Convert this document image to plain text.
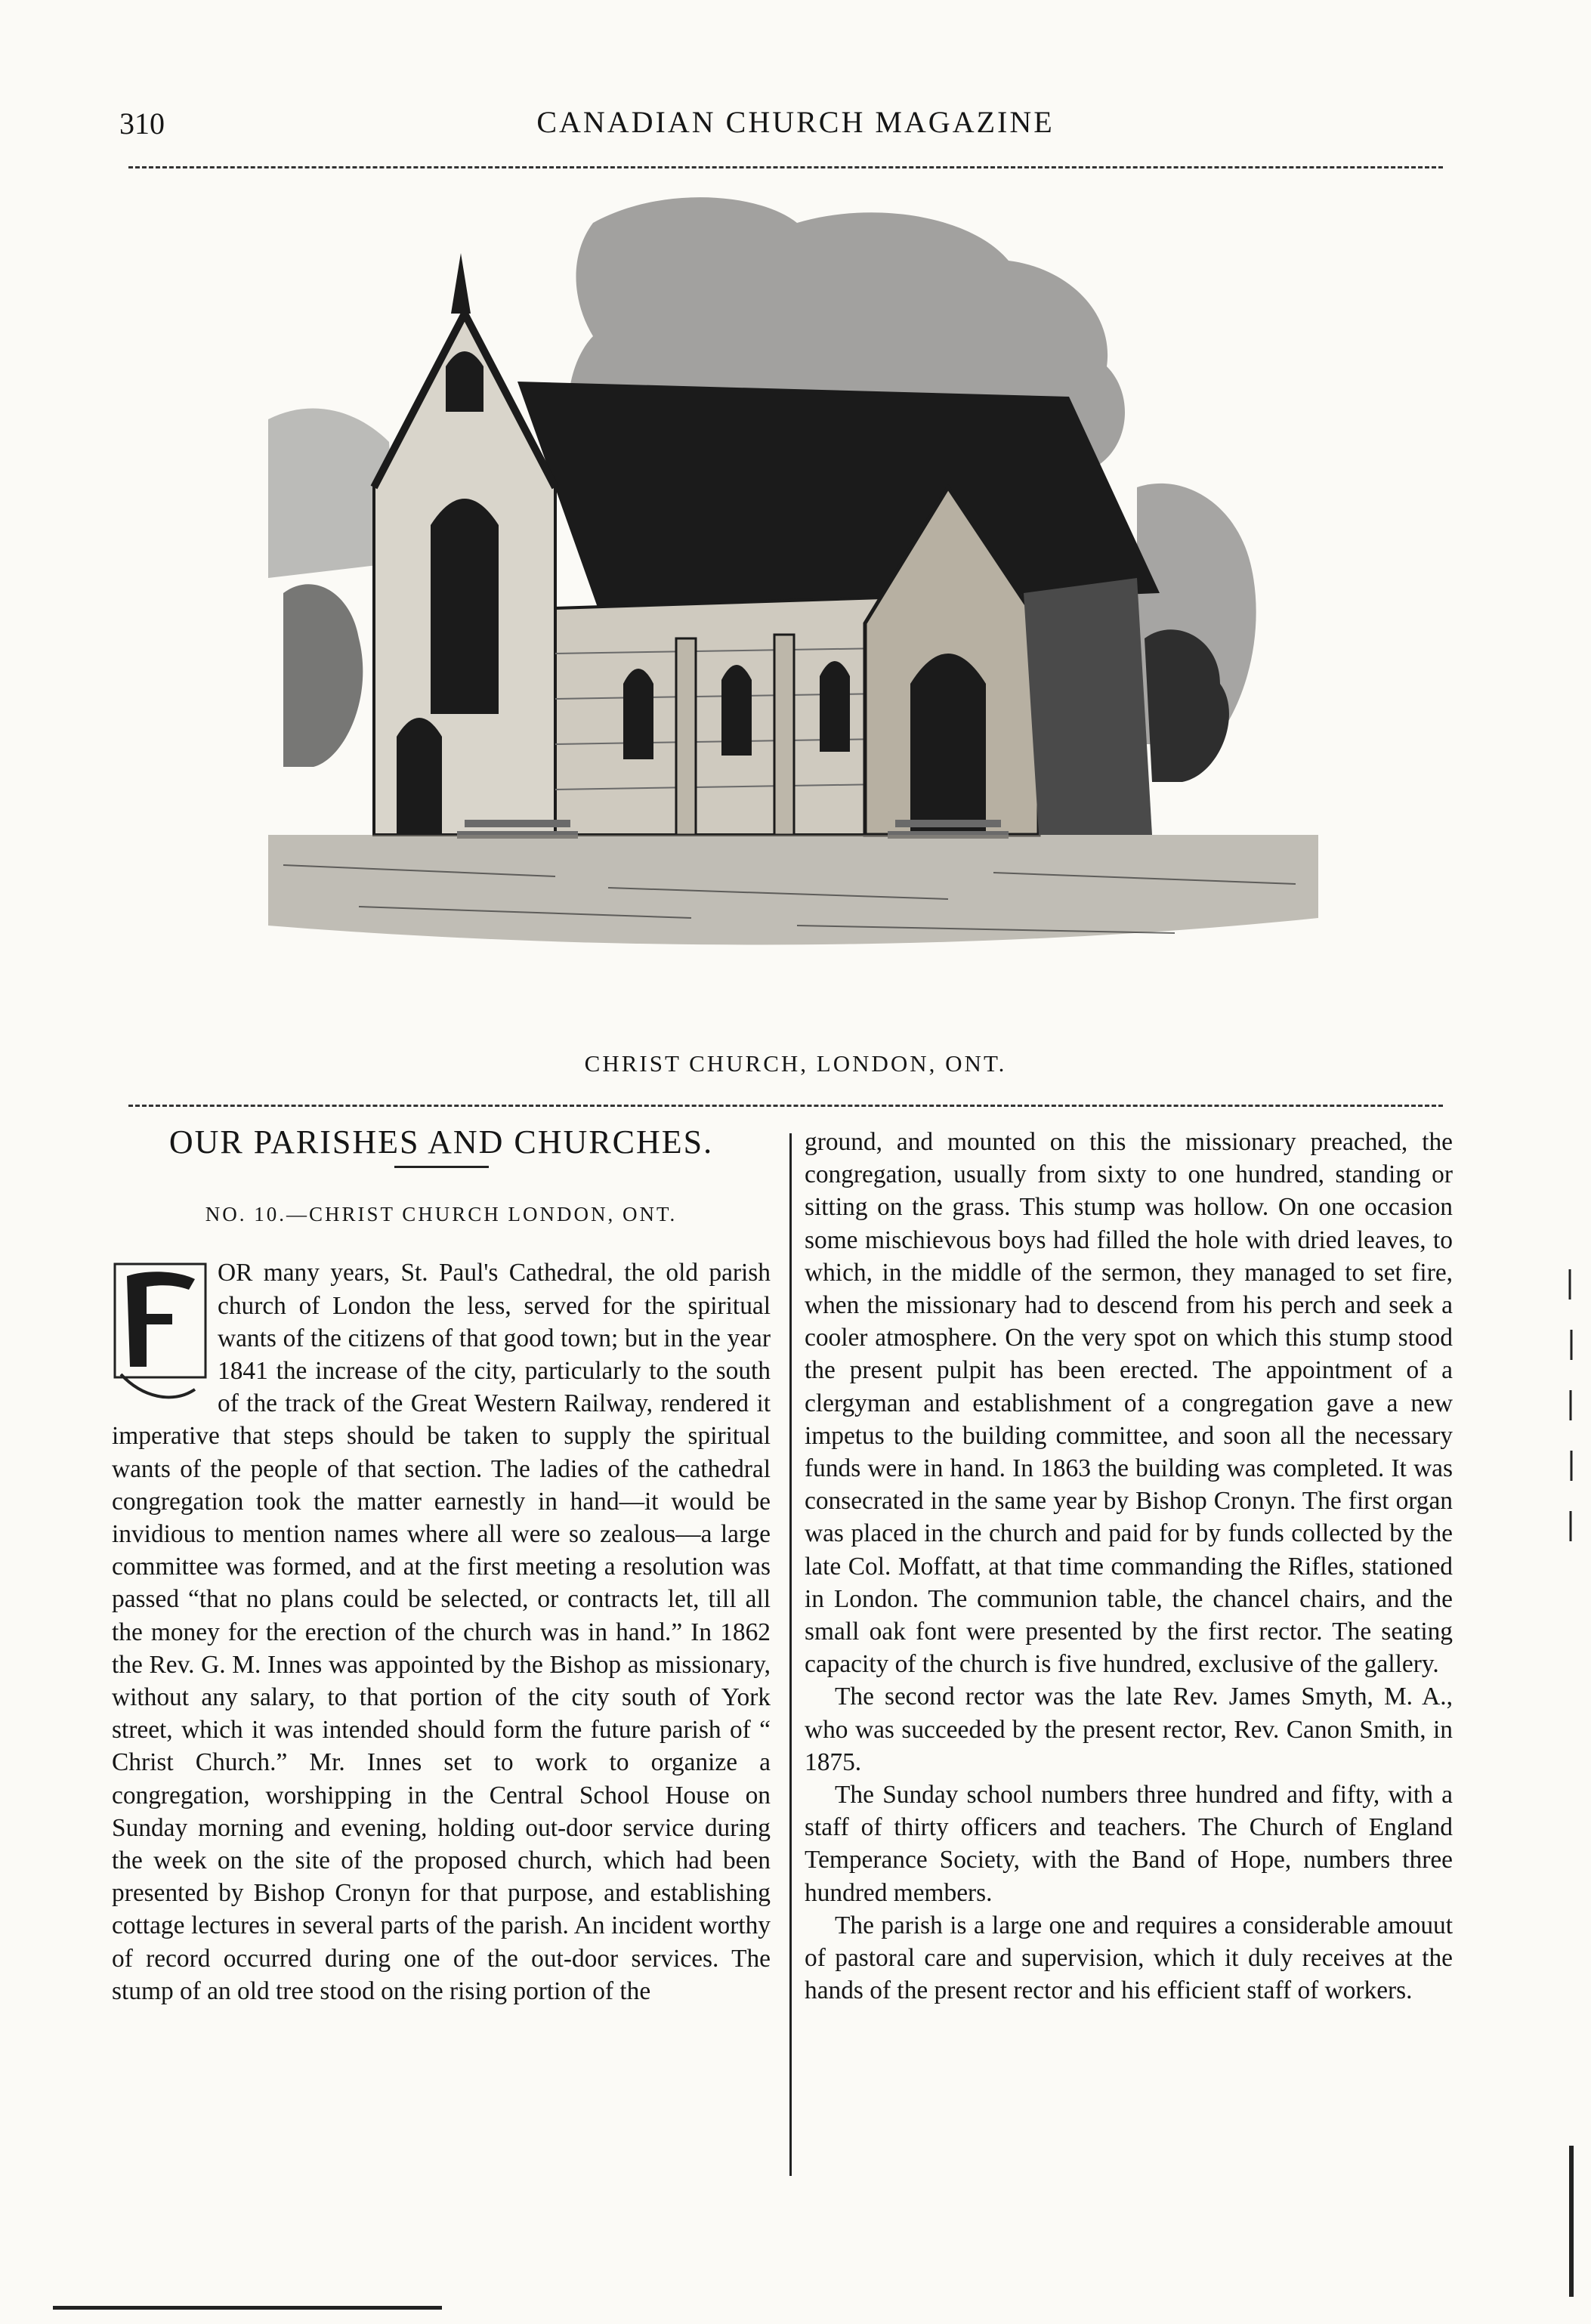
310	CANADIAN CHURCH MAGAZINE
CHRIST CHURCH, LONDON, ONT.
OUR PARISHES AND CHURCHES.
NO. 10.—CHRIST CHURCH LONDON, ONT.

F	OR many years, St. Paul's Cathedral, the old parish church of London the less, served for the spiritual wants of the citizens of that good town; but in the year 1841 the increase of the city, particularly to the south of the track of the Great Western Railway, rendered it imperative that steps should be taken to supply the spiritual wants of the people of that section. The ladies of the cathedral congregation took the matter earnestly in hand—it would be invidious to mention names where all were so zealous—a large committee was formed, and at the first meeting a resolution was passed “that no plans could be selected, or contracts let, till all the money for the erection of the church was in hand.” In 1862 the Rev. G. M. Innes was appointed by the Bishop as missionary, without any salary, to that portion of the city south of York street, which it was intended should form the future parish of “ Christ Church.” Mr. Innes set to work to organize a congregation, worshipping in the Central School House on Sunday morning and evening, holding out-door service during the week on the site of the proposed church, which had been presented by Bishop Cronyn for that purpose, and establishing cottage lectures in several parts of the parish. An incident worthy of record occurred during one of the out-door services. The stump of an old tree stood on the rising portion of the

ground, and mounted on this the missionary preached, the congregation, usually from sixty to one hundred, standing or sitting on the grass. This stump was hollow. On one occasion some mischievous boys had filled the hole with dried leaves, to which, in the middle of the sermon, they managed to set fire, when the missionary had to descend from his perch and seek a cooler atmosphere. On the very spot on which this stump stood the present pulpit has been erected. The appointment of a clergyman and establishment of a congregation gave a new impetus to the building committee, and soon all the necessary funds were in hand. In 1863 the building was completed. It was consecrated in the same year by Bishop Cronyn. The first organ was placed in the church and paid for by funds collected by the late Col. Moffatt, at that time commanding the Rifles, stationed in London. The communion table, the chancel chairs, and the small oak font were presented by the first rector. The seating capacity of the church is five hundred, exclusive of the gallery.

The second rector was the late Rev. James Smyth, M. A., who was succeeded by the present rector, Rev. Canon Smith, in 1875.

The Sunday school numbers three hundred and fifty, with a staff of thirty officers and teachers. The Church of England Temperance Society, with the Band of Hope, numbers three hundred members.

The parish is a large one and requires a considerable amouut of pastoral care and supervision, which it duly receives at the hands of the present rector and his efficient staff of workers.
